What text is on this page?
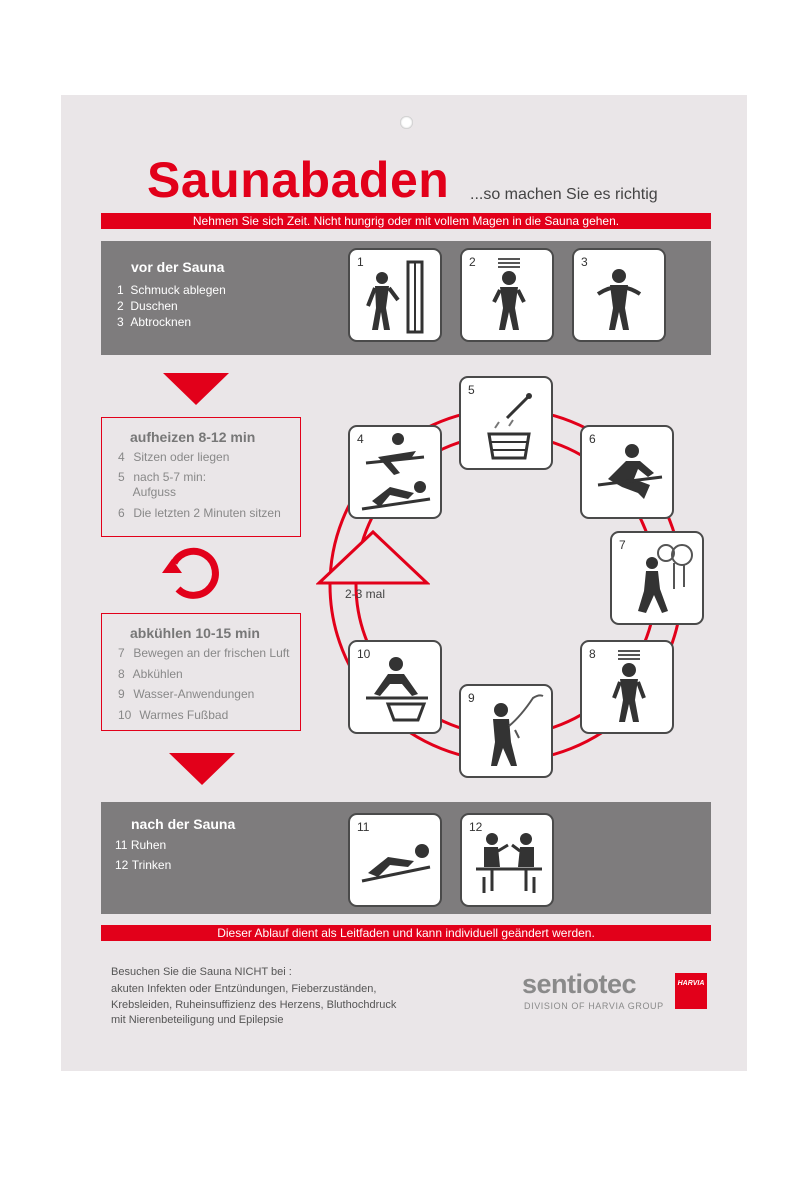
Saunabaden ...so machen Sie es richtig
Nehmen Sie sich Zeit. Nicht hungrig oder mit vollem Magen in die Sauna gehen.
vor der Sauna
1 Schmuck ablegen
2 Duschen
3 Abtrocknen
aufheizen 8-12 min
4 Sitzen oder liegen
5 nach 5-7 min:
Aufguss
6 Die letzten 2 Minuten sitzen
abkühlen 10-15 min
7 Bewegen an der frischen Luft
8 Abkühlen
9 Wasser-Anwendungen
10 Warmes Fußbad
2-3 mal
nach der Sauna
11 Ruhen
12 Trinken
1	2	3
4
5
6
7
8
9
10
11	12
Dieser Ablauf dient als Leitfaden und kann individuell geändert werden.
Besuchen Sie die Sauna NICHT bei :
akuten Infekten oder Entzündungen, Fieberzuständen,
Krebsleiden, Ruheinsuffizienz des Herzens, Bluthochdruck
mit Nierenbeteiligung und Epilepsie
sentiotec
DIVISION OF HARVIA GROUP
HARVIA
